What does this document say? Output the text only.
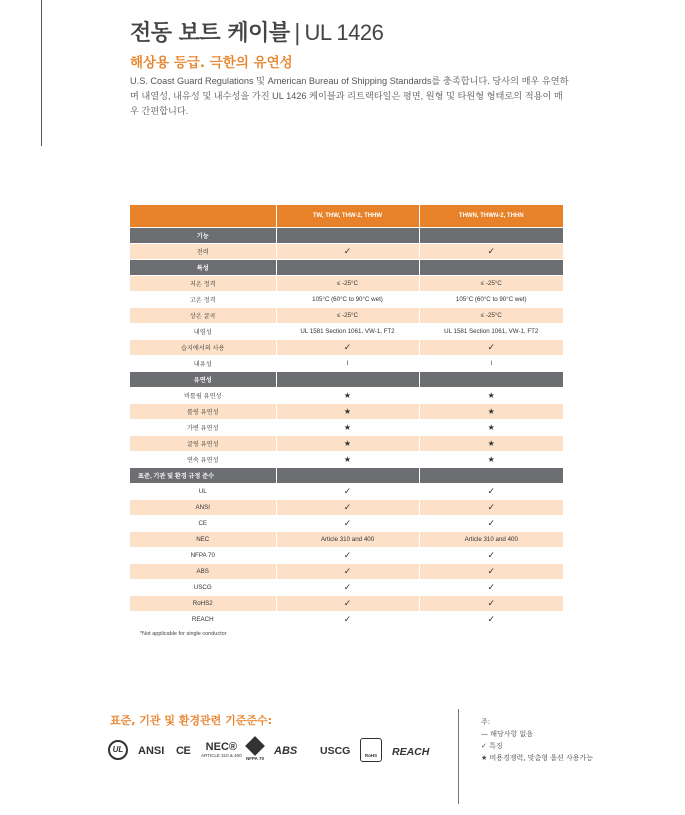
전동 보트 케이블 | UL 1426
해상용 등급. 극한의 유연성

U.S. Coast Guard Regulations 및 American Bureau of Shipping Standards를 충족합니다. 당사의 매우 유연하며 내열성, 내유성 및 내수성을 가진 UL 1426 케이블과 리트랙타일은 평면, 원형 및 타원형 형태로의 적용이 매우 간편합니다.

	TW, THW, THW-2, THHW	THWN, THWN-2, THHN
기능		
전력	✓	✓
특성		
저온 정격	≤ -25°C	≤ -25°C
고온 정격	105°C (60°C to 90°C wet)	105°C (60°C to 90°C wet)
상온 굴곡	≤ -25°C	≤ -25°C
내염성	UL 1581 Section 1061, VW-1, FT2	UL 1581 Section 1061, VW-1, FT2
습지에서의 사용	✓	✓
내유성	I	I
유연성		
비틀림 유연성	★	★
롤링 유연성	★	★
가변 유연성	★	★
굴링 유연성	★	★
연속 유연성	★	★
표준, 기관 및 환경 규정 준수		
UL	✓	✓
ANSI	✓	✓
CE	✓	✓
NEC	Article 310 and 400	Article 310 and 400
NFPA 70	✓	✓
ABS	✓	✓
USCG	✓	✓
RoHS2	✓	✓
REACH	✓	✓
*Not applicable for single conductor
표준, 기관 및 환경관련 기준준수:
UL	ANSI CE	NEC®
ARTICLE 310 & 400
NFPA 70
ABS USCG	RoHS	REACH
주:
— 해당사항 없음
✓ 특징
★ 비용경쟁력, 맞춤형 옵션 사용가능
